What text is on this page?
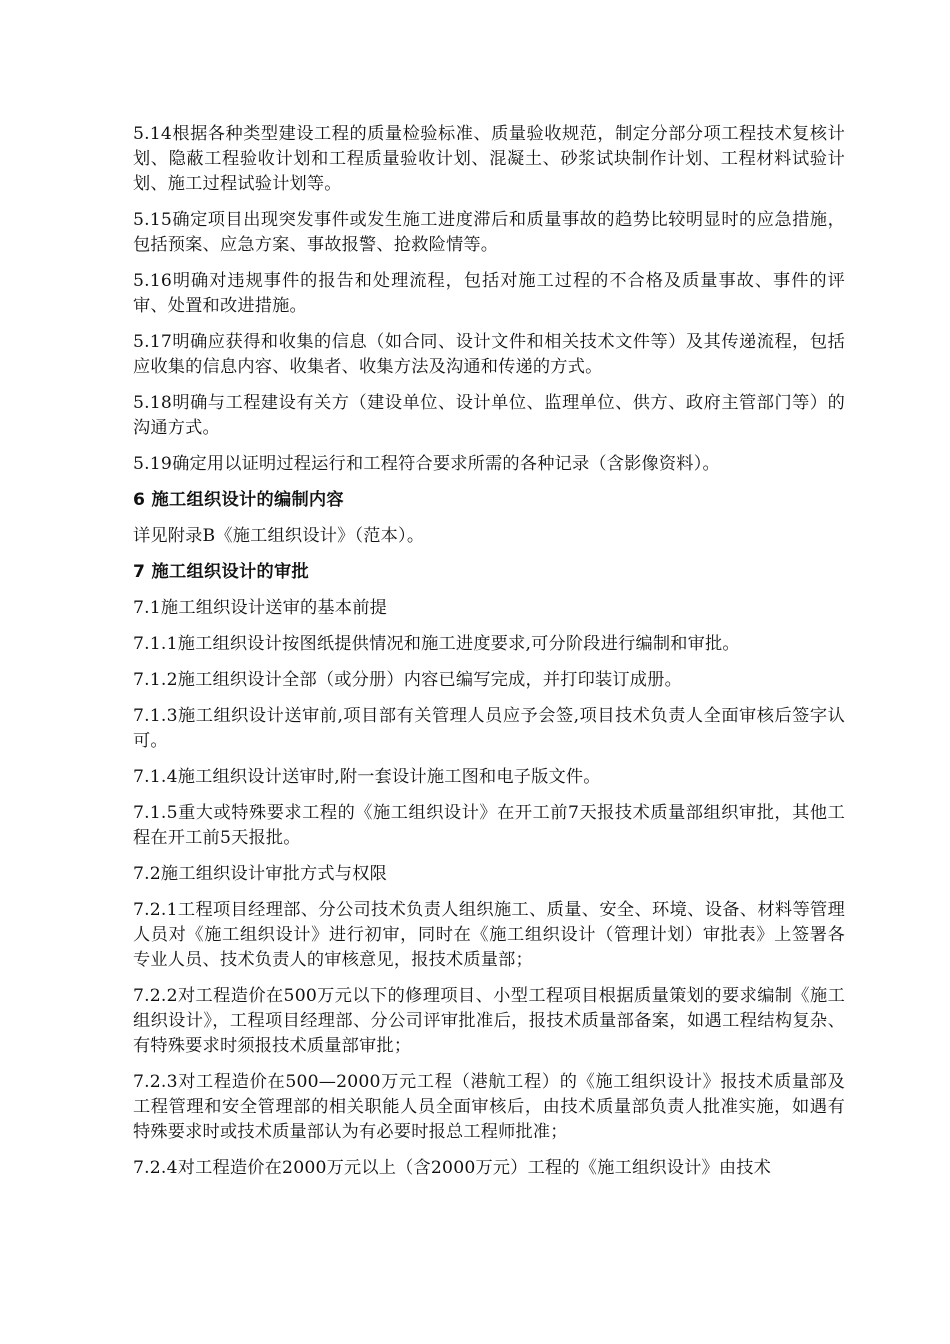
5.14根据各种类型建设工程的质量检验标准、质量验收规范，制定分部分项工程技术复核计划、隐蔽工程验收计划和工程质量验收计划、混凝土、砂浆试块制作计划、工程材料试验计划、施工过程试验计划等。

5.15确定项目出现突发事件或发生施工进度滞后和质量事故的趋势比较明显时的应急措施，包括预案、应急方案、事故报警、抢救险情等。

5.16明确对违规事件的报告和处理流程，包括对施工过程的不合格及质量事故、事件的评审、处置和改进措施。

5.17明确应获得和收集的信息（如合同、设计文件和相关技术文件等）及其传递流程，包括应收集的信息内容、收集者、收集方法及沟通和传递的方式。

5.18明确与工程建设有关方（建设单位、设计单位、监理单位、供方、政府主管部门等）的沟通方式。

5.19确定用以证明过程运行和工程符合要求所需的各种记录（含影像资料）。

6 施工组织设计的编制内容

详见附录B《施工组织设计》（范本）。

7 施工组织设计的审批

7.1施工组织设计送审的基本前提

7.1.1施工组织设计按图纸提供情况和施工进度要求,可分阶段进行编制和审批。

7.1.2施工组织设计全部（或分册）内容已编写完成，并打印装订成册。

7.1.3施工组织设计送审前,项目部有关管理人员应予会签,项目技术负责人全面审核后签字认可。

7.1.4施工组织设计送审时,附一套设计施工图和电子版文件。

7.1.5重大或特殊要求工程的《施工组织设计》在开工前7天报技术质量部组织审批，其他工程在开工前5天报批。

7.2施工组织设计审批方式与权限

7.2.1工程项目经理部、分公司技术负责人组织施工、质量、安全、环境、设备、材料等管理人员对《施工组织设计》进行初审，同时在《施工组织设计（管理计划）审批表》上签署各专业人员、技术负责人的审核意见，报技术质量部；

7.2.2对工程造价在500万元以下的修理项目、小型工程项目根据质量策划的要求编制《施工组织设计》，工程项目经理部、分公司评审批准后，报技术质量部备案，如遇工程结构复杂、有特殊要求时须报技术质量部审批；

7.2.3对工程造价在500—2000万元工程（港航工程）的《施工组织设计》报技术质量部及工程管理和安全管理部的相关职能人员全面审核后，由技术质量部负责人批准实施，如遇有特殊要求时或技术质量部认为有必要时报总工程师批准；

7.2.4对工程造价在2000万元以上（含2000万元）工程的《施工组织设计》由技术
